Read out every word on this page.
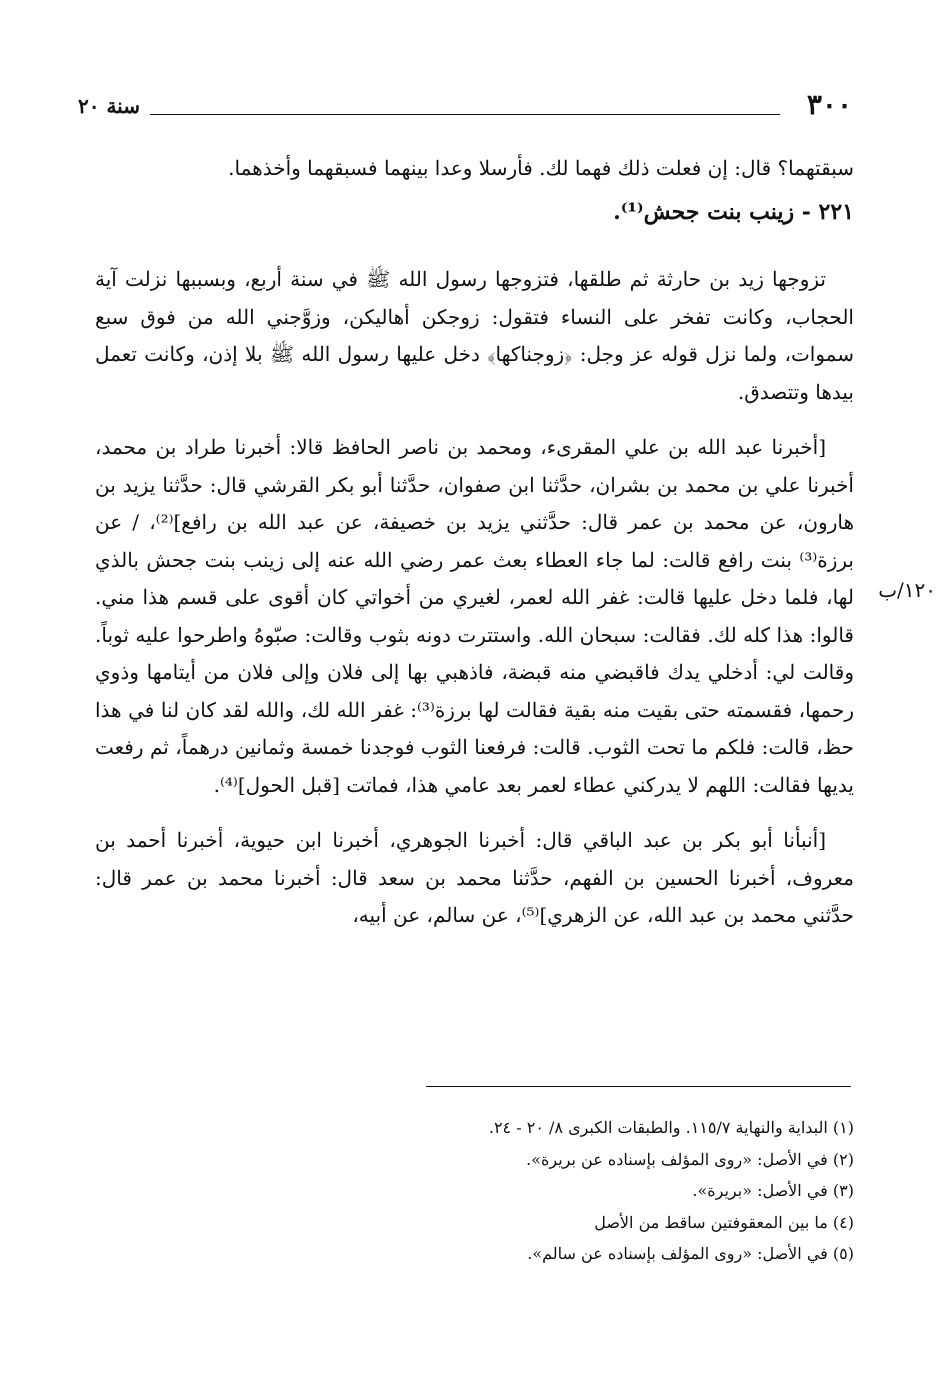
٣٠٠
سنة ٢٠

سبقتهما؟ قال: إن فعلت ذلك فهما لك. فأرسلا وعدا بينهما فسبقهما وأخذهما.

٢٢١ - زينب بنت جحش⁽¹⁾.

تزوجها زيد بن حارثة ثم طلقها، فتزوجها رسول الله ﷺ في سنة أربع، وبسببها نزلت آية الحجاب، وكانت تفخر على النساء فتقول: زوجكن أهاليكن، وزوَّجني الله من فوق سبع سموات، ولما نزل قوله عز وجل: ﴿زوجناكها﴾ دخل عليها رسول الله ﷺ بلا إذن، وكانت تعمل بيدها وتتصدق.

[أخبرنا عبد الله بن علي المقرىء، ومحمد بن ناصر الحافظ قالا: أخبرنا طراد بن محمد، أخبرنا علي بن محمد بن بشران، حدَّثنا ابن صفوان، حدَّثنا أبو بكر القرشي قال: حدَّثنا يزيد بن هارون، عن محمد بن عمر قال: حدَّثني يزيد بن خصيفة، عن عبد الله بن رافع]⁽²⁾، / عن برزة⁽³⁾ بنت رافع قالت: لما جاء العطاء بعث عمر رضي الله عنه إلى زينب بنت جحش بالذي لها، فلما دخل عليها قالت: غفر الله لعمر، لغيري من أخواتي كان أقوى على قسم هذا مني. قالوا: هذا كله لك. فقالت: سبحان الله. واستترت دونه بثوب وقالت: صبّوهُ واطرحوا عليه ثوباً. وقالت لي: أدخلي يدك فاقبضي منه قبضة، فاذهبي بها إلى فلان وإلى فلان من أيتامها وذوي رحمها، فقسمته حتى بقيت منه بقية فقالت لها برزة⁽³⁾: غفر الله لك، والله لقد كان لنا في هذا حظ، قالت: فلكم ما تحت الثوب. قالت: فرفعنا الثوب فوجدنا خمسة وثمانين درهماً، ثم رفعت يديها فقالت: اللهم لا يدركني عطاء لعمر بعد عامي هذا، فماتت [قبل الحول]⁽⁴⁾.

[أنبأنا أبو بكر بن عبد الباقي قال: أخبرنا الجوهري، أخبرنا ابن حيوية، أخبرنا أحمد بن معروف، أخبرنا الحسين بن الفهم، حدَّثنا محمد بن سعد قال: أخبرنا محمد بن عمر قال: حدَّثني محمد بن عبد الله، عن الزهري]⁽⁵⁾، عن سالم، عن أبيه،

١٢٠/ب
(١) البداية والنهاية ١١٥/٧. والطبقات الكبرى ٨/ ٢٠ - ٢٤.
(٢) في الأصل: «روى المؤلف بإسناده عن بريرة».
(٣) في الأصل: «بريرة».
(٤) ما بين المعقوفتين ساقط من الأصل
(٥) في الأصل: «روى المؤلف بإسناده عن سالم».
